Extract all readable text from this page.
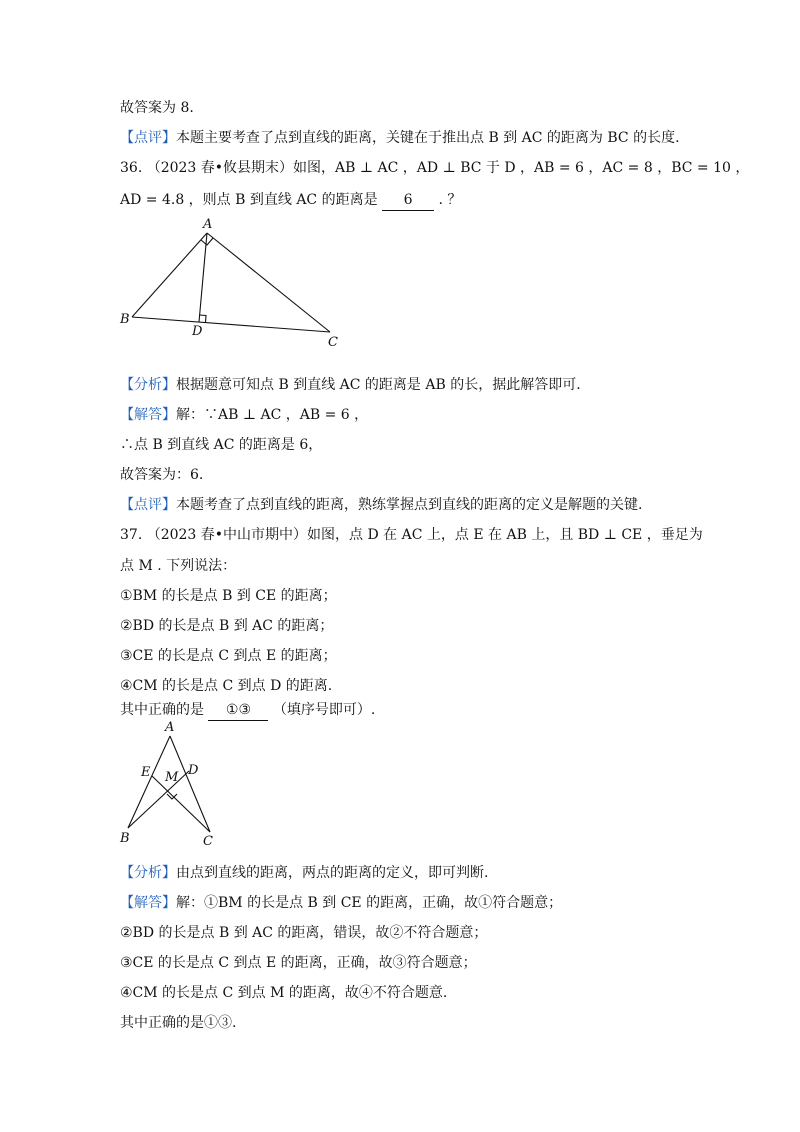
故答案为 8.
【点评】本题主要考查了点到直线的距离，关键在于推出点 B 到 AC 的距离为 BC 的长度.
36. （2023 春•攸县期末）如图，AB ⊥ AC ，AD ⊥ BC 于 D ，AB = 6 ，AC = 8 ，BC = 10 ，
AD = 4.8 ，则点 B 到直线 AC 的距离是 6 . ？
A
B
C
D
【分析】根据题意可知点 B 到直线 AC 的距离是 AB 的长，据此解答即可.
【解答】解：∵AB ⊥ AC ，AB = 6 ，
∴点 B 到直线 AC 的距离是 6，
故答案为：6.
【点评】本题考查了点到直线的距离，熟练掌握点到直线的距离的定义是解题的关键.
37. （2023 春•中山市期中）如图，点 D 在 AC 上，点 E 在 AB 上，且 BD ⊥ CE ，垂足为
点 M . 下列说法：
①BM 的长是点 B 到 CE 的距离；
②BD 的长是点 B 到 AC 的距离；
③CE 的长是点 C 到点 E 的距离；
④CM 的长是点 C 到点 D 的距离.
其中正确的是 ①③ （填序号即可）.
A
B	C
D
E M
【分析】由点到直线的距离，两点的距离的定义，即可判断.
【解答】解：①BM 的长是点 B 到 CE 的距离，正确，故①符合题意；
②BD 的长是点 B 到 AC 的距离，错误，故②不符合题意；
③CE 的长是点 C 到点 E 的距离，正确，故③符合题意；
④CM 的长是点 C 到点 M 的距离，故④不符合题意.
其中正确的是①③.
